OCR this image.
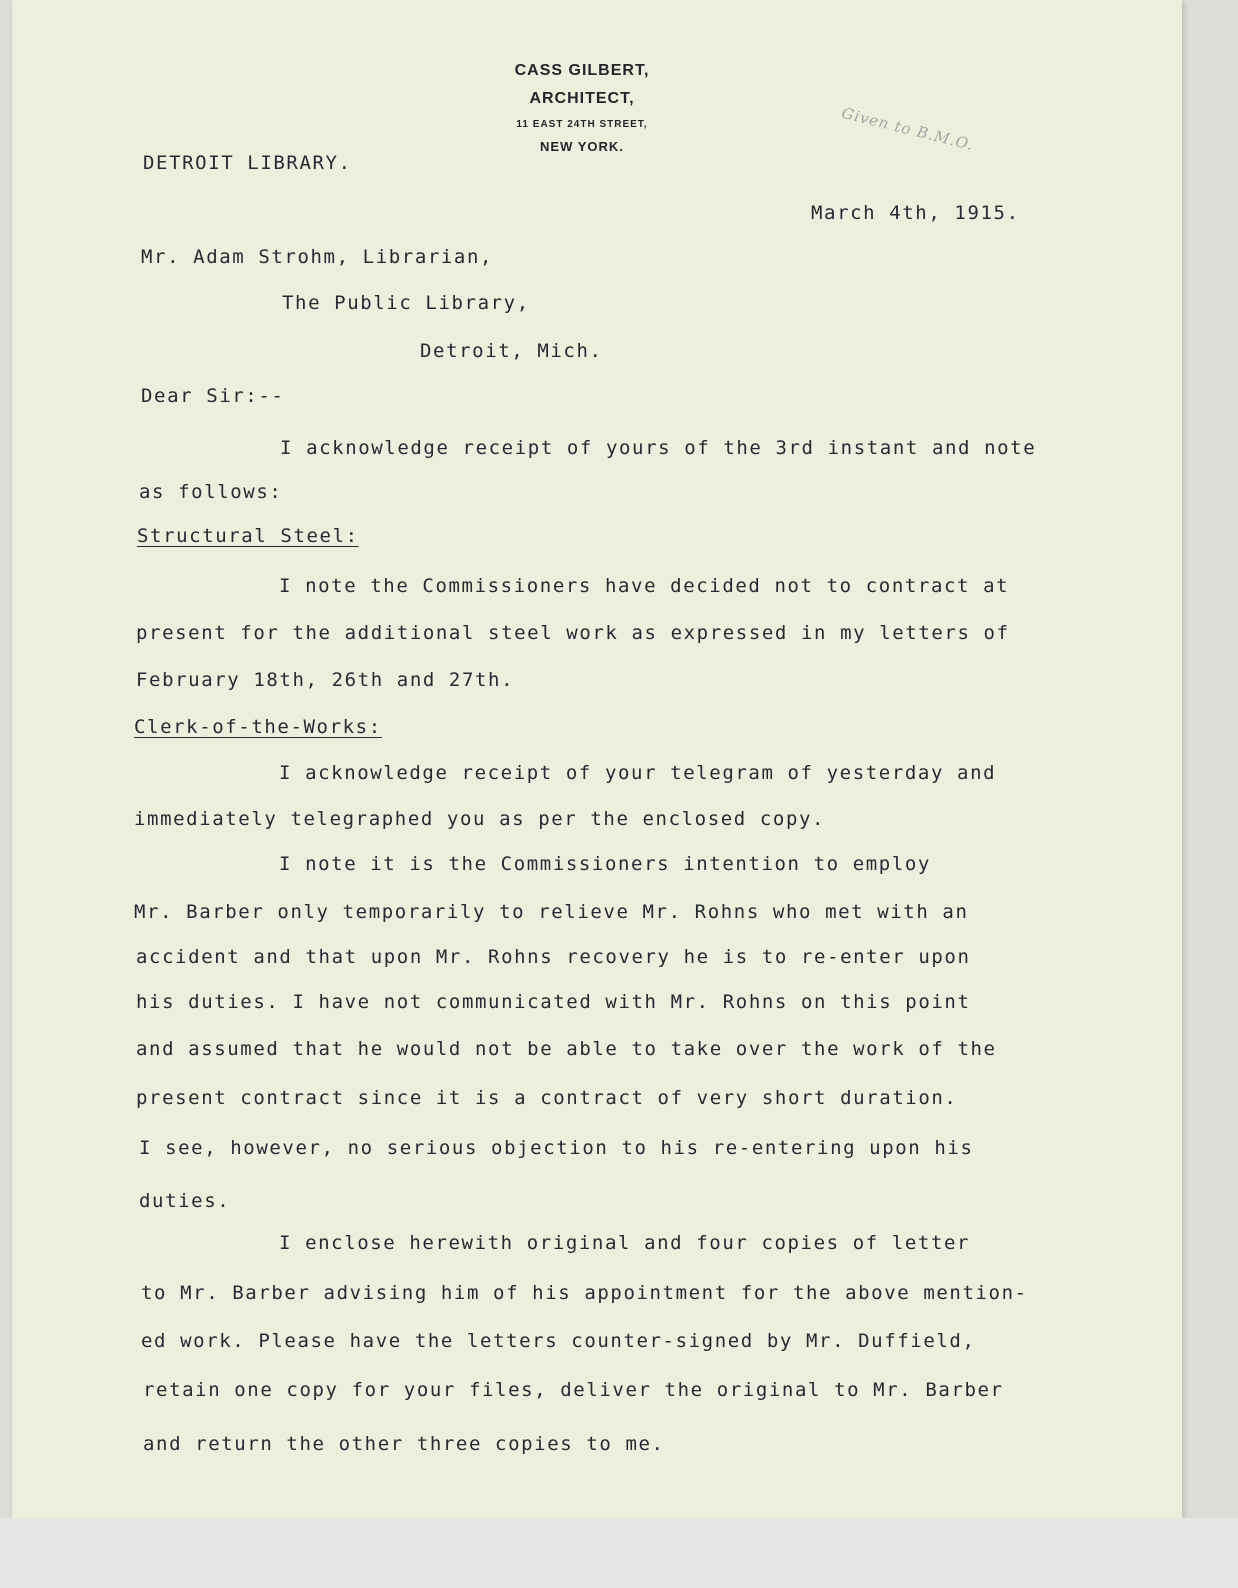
CASS GILBERT,
ARCHITECT,
11 EAST 24TH STREET,
NEW YORK.	Given to B.M.O.
DETROIT LIBRARY.
March 4th, 1915.
Mr. Adam Strohm, Librarian,
The Public Library,
Detroit, Mich.
Dear Sir:--
I acknowledge receipt of yours of the 3rd instant and note
as follows:
Structural Steel:
I note the Commissioners have decided not to contract at
present for the additional steel work as expressed in my letters of
February 18th, 26th and 27th.
Clerk-of-the-Works:
I acknowledge receipt of your telegram of yesterday and
immediately telegraphed you as per the enclosed copy.
I note it is the Commissioners intention to employ
Mr. Barber only temporarily to relieve Mr. Rohns who met with an
accident and that upon Mr. Rohns recovery he is to re-enter upon
his duties. I have not communicated with Mr. Rohns on this point
and assumed that he would not be able to take over the work of the
present contract since it is a contract of very short duration.
I see, however, no serious objection to his re-entering upon his
duties.
I enclose herewith original and four copies of letter
to Mr. Barber advising him of his appointment for the above mention-
ed work. Please have the letters counter-signed by Mr. Duffield,
retain one copy for your files, deliver the original to Mr. Barber
and return the other three copies to me.
